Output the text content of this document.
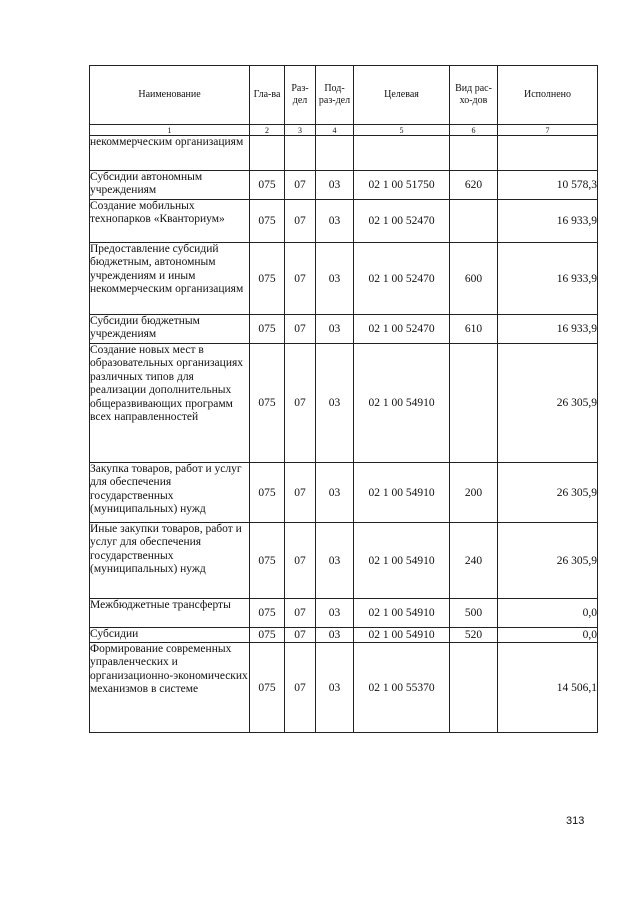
Наименование	Гла-ва	Раз-дел	Под-раз-дел	Целевая	Вид рас-хо-дов	Исполнено
1	2	3	4	5	6	7
некоммерческим организациям						
Субсидии автономным учреждениям	075	07	03	02 1 00 51750	620	10 578,3
Создание мобильных технопарков «Кванториум»	075	07	03	02 1 00 52470		16 933,9
Предоставление субсидий бюджетным, автономным учреждениям и иным некоммерческим организациям	075	07	03	02 1 00 52470	600	16 933,9
Субсидии бюджетным учреждениям	075	07	03	02 1 00 52470	610	16 933,9
Создание новых мест в образовательных организациях различных типов для реализации дополнительных общеразвивающих программ всех направленностей	075	07	03	02 1 00 54910		26 305,9
Закупка товаров, работ и услуг для обеспечения государственных (муниципальных) нужд	075	07	03	02 1 00 54910	200	26 305,9
Иные закупки товаров, работ и услуг для обеспечения государственных (муниципальных) нужд	075	07	03	02 1 00 54910	240	26 305,9
Межбюджетные трансферты	075	07	03	02 1 00 54910	500	0,0
Субсидии	075	07	03	02 1 00 54910	520	0,0
Формирование современных управленческих и организационно-экономических механизмов в системе	075	07	03	02 1 00 55370		14 506,1
313
